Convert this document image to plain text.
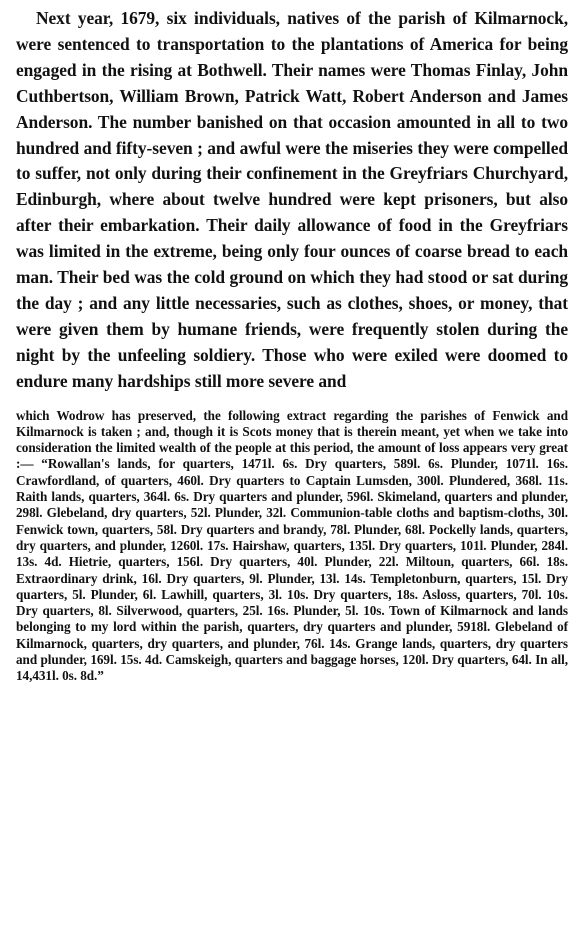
Next year, 1679, six individuals, natives of the parish of Kilmarnock, were sentenced to transportation to the plantations of America for being engaged in the rising at Bothwell. Their names were Thomas Finlay, John Cuthbertson, William Brown, Patrick Watt, Robert Anderson and James Anderson. The number banished on that occasion amounted in all to two hundred and fifty-seven ; and awful were the miseries they were compelled to suffer, not only during their confinement in the Greyfriars Churchyard, Edinburgh, where about twelve hundred were kept prisoners, but also after their embarkation. Their daily allowance of food in the Greyfriars was limited in the extreme, being only four ounces of coarse bread to each man. Their bed was the cold ground on which they had stood or sat during the day ; and any little necessaries, such as clothes, shoes, or money, that were given them by humane friends, were frequently stolen during the night by the unfeeling soldiery. Those who were exiled were doomed to endure many hardships still more severe and

which Wodrow has preserved, the following extract regarding the parishes of Fenwick and Kilmarnock is taken ; and, though it is Scots money that is therein meant, yet when we take into consideration the limited wealth of the people at this period, the amount of loss appears very great :— “Rowallan's lands, for quarters, 1471l. 6s. Dry quarters, 589l. 6s. Plunder, 1071l. 16s. Crawfordland, of quarters, 460l. Dry quarters to Captain Lumsden, 300l. Plundered, 368l. 11s. Raith lands, quarters, 364l. 6s. Dry quarters and plunder, 596l. Skimeland, quarters and plunder, 298l. Glebeland, dry quarters, 52l. Plunder, 32l. Communion-table cloths and baptism-cloths, 30l. Fenwick town, quarters, 58l. Dry quarters and brandy, 78l. Plunder, 68l. Pockelly lands, quarters, dry quarters, and plunder, 1260l. 17s. Hairshaw, quarters, 135l. Dry quarters, 101l. Plunder, 284l. 13s. 4d. Hietrie, quarters, 156l. Dry quarters, 40l. Plunder, 22l. Miltoun, quarters, 66l. 18s. Extraordinary drink, 16l. Dry quarters, 9l. Plunder, 13l. 14s. Templetonburn, quarters, 15l. Dry quarters, 5l. Plunder, 6l. Lawhill, quarters, 3l. 10s. Dry quarters, 18s. Asloss, quarters, 70l. 10s. Dry quarters, 8l. Silverwood, quarters, 25l. 16s. Plunder, 5l. 10s. Town of Kilmarnock and lands belonging to my lord within the parish, quarters, dry quarters and plunder, 5918l. Glebeland of Kilmarnock, quarters, dry quarters, and plunder, 76l. 14s. Grange lands, quarters, dry quarters and plunder, 169l. 15s. 4d. Camskeigh, quarters and baggage horses, 120l. Dry quarters, 64l. In all, 14,431l. 0s. 8d.”
